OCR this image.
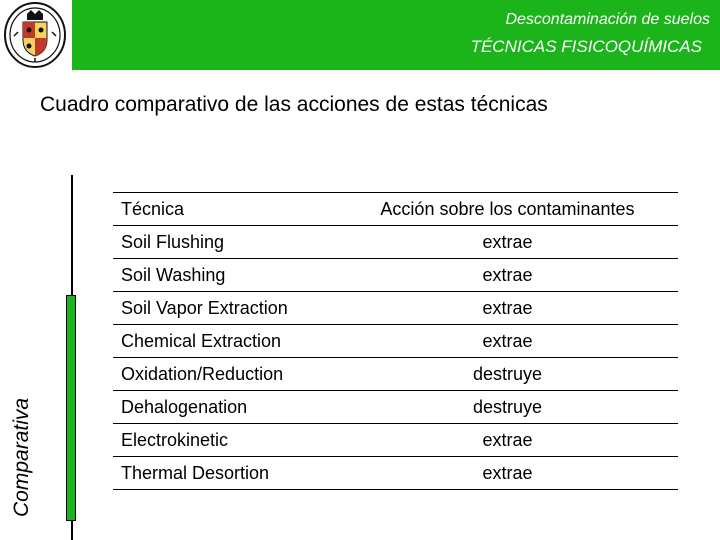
Descontaminación de suelos
TÉCNICAS FISICOQUÍMICAS
Cuadro comparativo de las acciones de estas técnicas
Comparativa
Técnica	Acción sobre los contaminantes
Soil Flushing	extrae
Soil Washing	extrae
Soil Vapor Extraction	extrae
Chemical Extraction	extrae
Oxidation/Reduction	destruye
Dehalogenation	destruye
Electrokinetic	extrae
Thermal Desortion	extrae
